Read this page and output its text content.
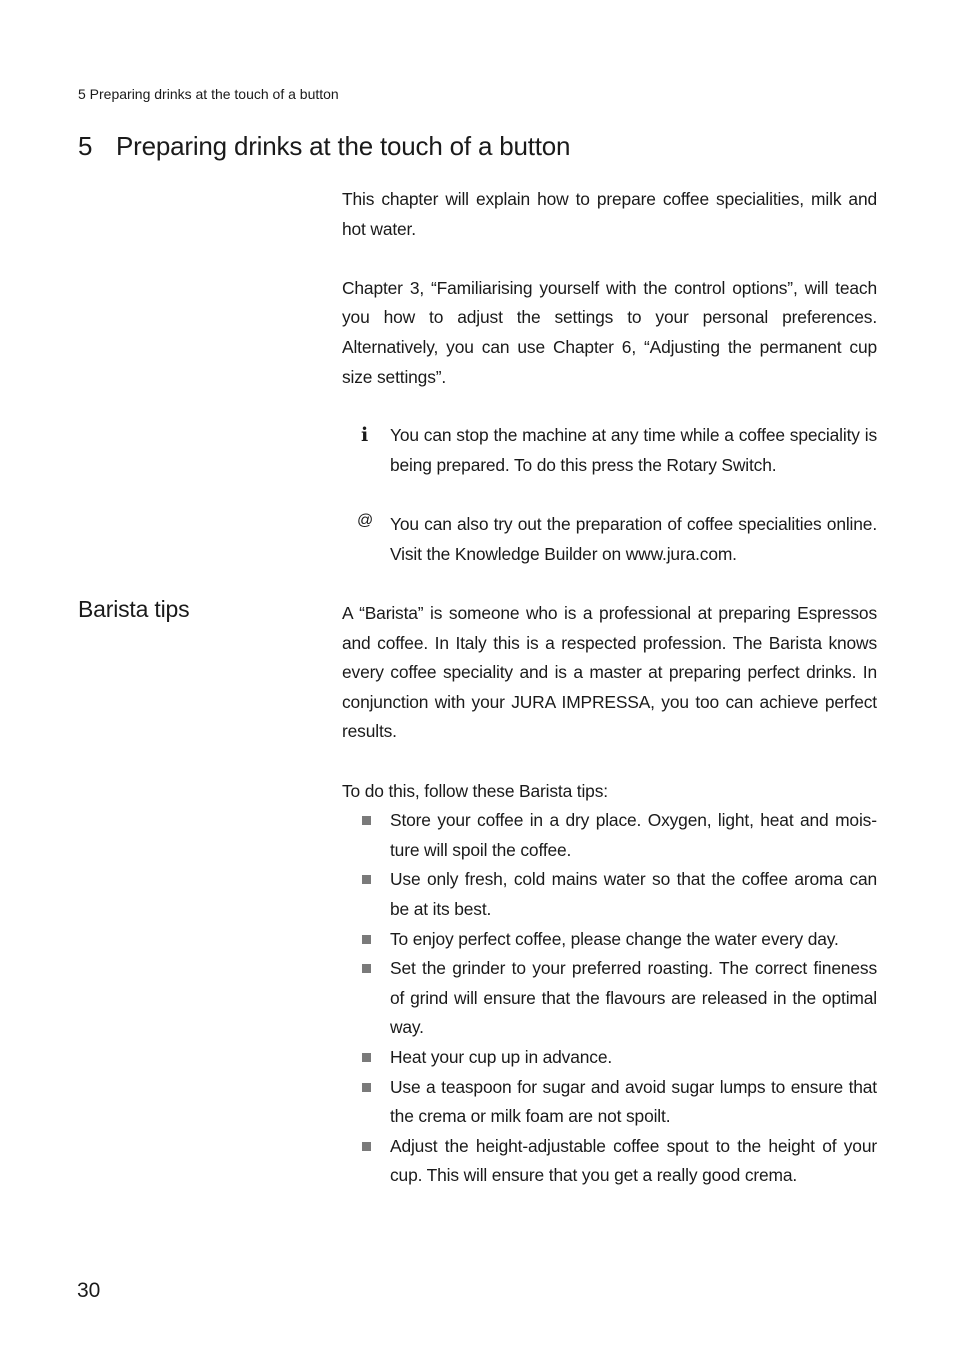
5 Preparing drinks at the touch of a button
5 Preparing drinks at the touch of a button

This chapter will explain how to prepare coffee specialities, milk and hot water.

Chapter 3, “Familiarising yourself with the control options”, will teach you how to adjust the settings to your personal preferences. Alternatively, you can use Chapter 6, “Adjusting the permanent cup size settings”.

i	You can stop the machine at any time while a coffee speciality is being prepared. To do this press the Rotary Switch.
@ You can also try out the preparation of coffee specialities online. Visit the Knowledge Builder on www.jura.com.
Barista tips	A “Barista” is someone who is a professional at preparing Espressos and coffee. In Italy this is a respected profession. The Barista knows every coffee speciality and is a master at preparing perfect drinks. In conjunction with your JURA IMPRESSA, you too can achieve perfect results.

To do this, follow these Barista tips:

Store your coffee in a dry place. Oxygen, light, heat and moisture will spoil the coffee.
Use only fresh, cold mains water so that the coffee aroma can be at its best.
To enjoy perfect coffee, please change the water every day.
Set the grinder to your preferred roasting. The correct fineness of grind will ensure that the flavours are released in the optimal way.
Heat your cup up in advance.
Use a teaspoon for sugar and avoid sugar lumps to ensure that the crema or milk foam are not spoilt.
Adjust the height-adjustable coffee spout to the height of your cup. This will ensure that you get a really good crema.
30
